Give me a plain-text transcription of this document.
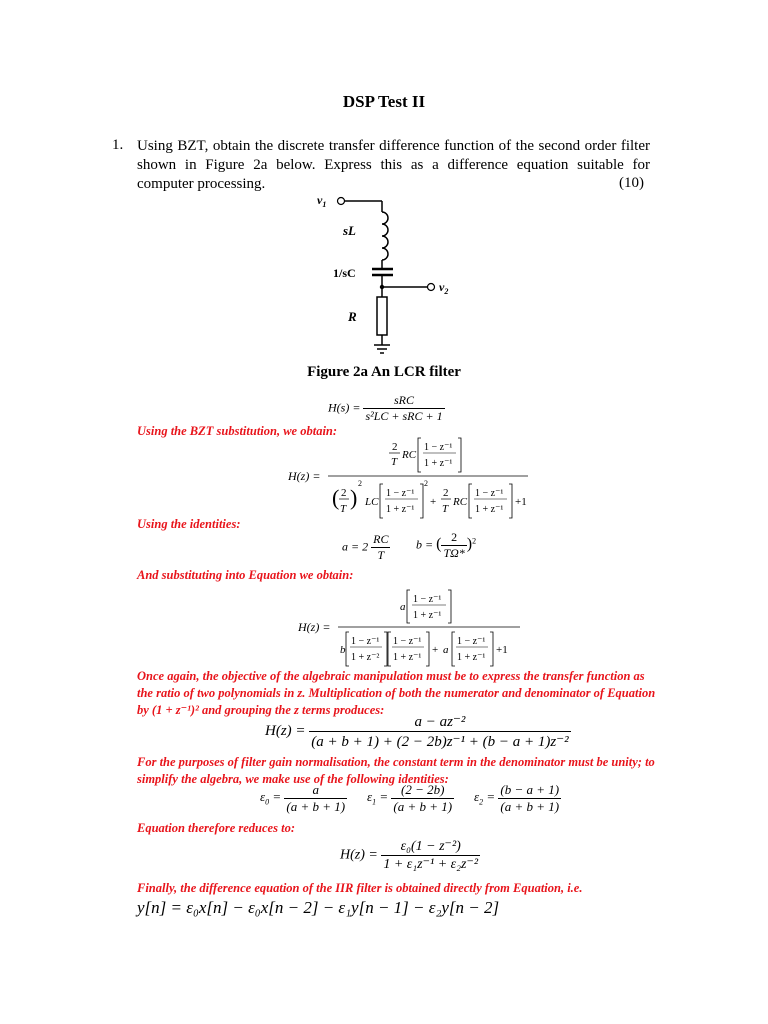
DSP Test II
1. Using BZT, obtain the discrete transfer difference function of the second order filter shown in Figure 2a below. Express this as a difference equation suitable for computer processing.	(10)
$v_1$
sL
1/sC
$v_2$
R
Figure 2a An LCR filter
$H(s) = \frac{\text{sRC}}{\text{s²LC + sRC + 1}}$
Using the BZT substitution, we obtain:
H(z) =
2
T
RC
1 − z⁻¹
1 + z⁻¹
( 2
T )
2
LC
1 − z⁻¹
1 + z⁻¹
2
+
2
T
RC
1 − z⁻¹
1 + z⁻¹
+1
Using the identities:
$a = 2 \frac{RC}{T}$ b = ( $\frac{2}{T\Omega*} )^2$
And substituting into Equation we obtain:
H(z) =
a
1 − z⁻¹
1 + z⁻¹
b
1 − z⁻¹
1 + z⁻²
1 − z⁻¹
1 + z⁻¹
+ a
1 − z⁻¹
1 + z⁻¹
+1
Once again, the objective of the algebraic manipulation must be to express the transfer function as the ratio of two polynomials in z. Multiplication of both the numerator and denominator of Equation by (1 + z⁻¹)² and grouping the z terms produces:
$H(z) = \frac{\text{a − az⁻²}}{\text{(a + b + 1) + (2 − 2b)z⁻¹ + (b − a + 1)z⁻²}}$
For the purposes of filter gain normalisation, the constant term in the denominator must be unity; to simplify the algebra, we make use of the following identities:
$\varepsilon_0 = \frac{a}{(a + b + 1)} \varepsilon_1 = \frac{(2 - 2b)}{(a + b + 1)} \varepsilon_2 = \frac{(b - a + 1)}{(a + b + 1)}$
Equation therefore reduces to:
$H(z) = \frac{\text{ε₀(1 − z⁻²)}}{\text{1 + ε₁z⁻¹ + ε₂z⁻²}}$
Finally, the difference equation of the IIR filter is obtained directly from Equation, i.e.
y[n] = ε₀x[n] − ε₀x[n − 2] − ε₁y[n − 1] − ε₂y[n − 2]
